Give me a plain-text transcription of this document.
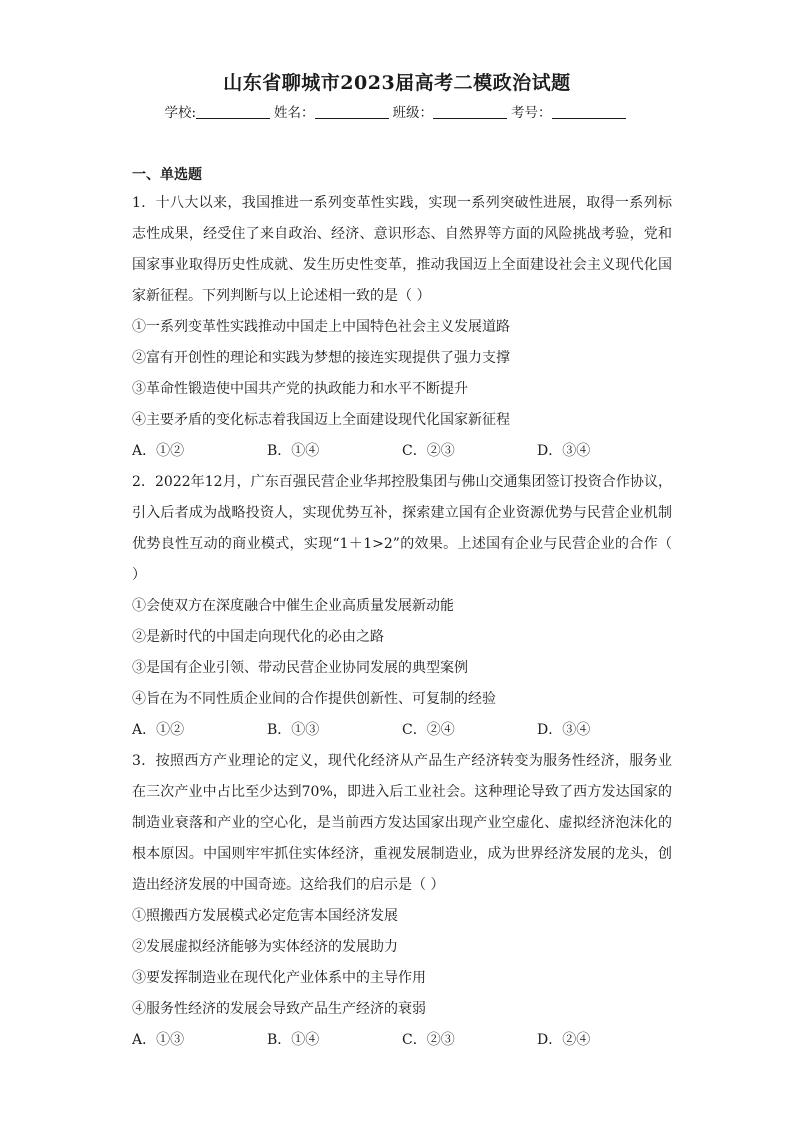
山东省聊城市2023届高考二模政治试题
学校:	姓名：	班级：	考号：
一、单选题
1．十八大以来，我国推进一系列变革性实践，实现一系列突破性进展，取得一系列标志性成果，经受住了来自政治、经济、意识形态、自然界等方面的风险挑战考验，党和国家事业取得历史性成就、发生历史性变革，推动我国迈上全面建设社会主义现代化国家新征程。下列判断与以上论述相一致的是（ ）
①一系列变革性实践推动中国走上中国特色社会主义发展道路
②富有开创性的理论和实践为梦想的接连实现提供了强力支撑
③革命性锻造使中国共产党的执政能力和水平不断提升
④主要矛盾的变化标志着我国迈上全面建设现代化国家新征程
A．①②	B．①④	C．②③	D．③④
2．2022年12月，广东百强民营企业华邦控股集团与佛山交通集团签订投资合作协议，引入后者成为战略投资人，实现优势互补，探索建立国有企业资源优势与民营企业机制优势良性互动的商业模式，实现“1＋1>2”的效果。上述国有企业与民营企业的合作（ ）
①会使双方在深度融合中催生企业高质量发展新动能
②是新时代的中国走向现代化的必由之路
③是国有企业引领、带动民营企业协同发展的典型案例
④旨在为不同性质企业间的合作提供创新性、可复制的经验
A．①②	B．①③	C．②④	D．③④
3．按照西方产业理论的定义，现代化经济从产品生产经济转变为服务性经济，服务业在三次产业中占比至少达到70%，即进入后工业社会。这种理论导致了西方发达国家的制造业衰落和产业的空心化，是当前西方发达国家出现产业空虚化、虚拟经济泡沫化的根本原因。中国则牢牢抓住实体经济，重视发展制造业，成为世界经济发展的龙头，创造出经济发展的中国奇迹。这给我们的启示是（ ）
①照搬西方发展模式必定危害本国经济发展
②发展虚拟经济能够为实体经济的发展助力
③要发挥制造业在现代化产业体系中的主导作用
④服务性经济的发展会导致产品生产经济的衰弱
A．①③	B．①④	C．②③	D．②④
